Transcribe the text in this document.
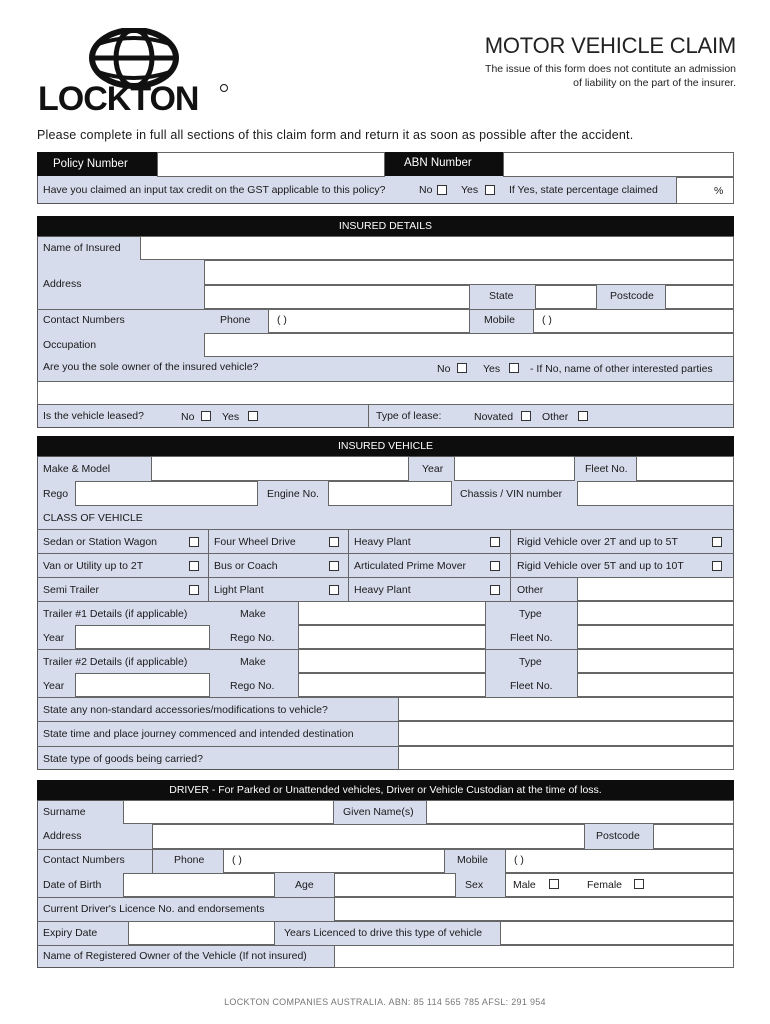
LOCKTON
MOTOR VEHICLE CLAIM
The issue of this form does not contitute an admission
of liability on the part of the insurer.
Please complete in full all sections of this claim form and return it as soon as possible after the accident.
Policy Number	ABN Number
Have you claimed an input tax credit on the GST applicable to this policy?	No	Yes	If Yes, state percentage claimed	%
INSURED DETAILS
Name of Insured
Address
State	Postcode
Contact Numbers	Phone	( )	Mobile	( )
Occupation
Are you the sole owner of the insured vehicle?	No	Yes	- If No, name of other interested parties
Is the vehicle leased?	No	Yes	Type of lease:	Novated	Other
INSURED VEHICLE
Make & Model	Year	Fleet No.
Rego	Engine No.	Chassis / VIN number
CLASS OF VEHICLE
Sedan or Station Wagon	Four Wheel Drive	Heavy Plant	Rigid Vehicle over 2T and up to 5T
Van or Utility up to 2T	Bus or Coach	Articulated Prime Mover	Rigid Vehicle over 5T and up to 10T
Semi Trailer	Light Plant	Heavy Plant	Other
Trailer #1 Details (if applicable)	Make	Type
Year	Rego No.	Fleet No.
Trailer #2 Details (if applicable)	Make	Type
Year	Rego No.	Fleet No.
State any non-standard accessories/modifications to vehicle?
State time and place journey commenced and intended destination
State type of goods being carried?
DRIVER - For Parked or Unattended vehicles, Driver or Vehicle Custodian at the time of loss.
Surname	Given Name(s)
Address	Postcode
Contact Numbers	Phone	( )	Mobile ( )
Date of Birth	Age	Sex	Male	Female
Current Driver's Licence No. and endorsements
Expiry Date	Years Licenced to drive this type of vehicle
Name of Registered Owner of the Vehicle (If not insured)
LOCKTON COMPANIES AUSTRALIA. ABN: 85 114 565 785 AFSL: 291 954
